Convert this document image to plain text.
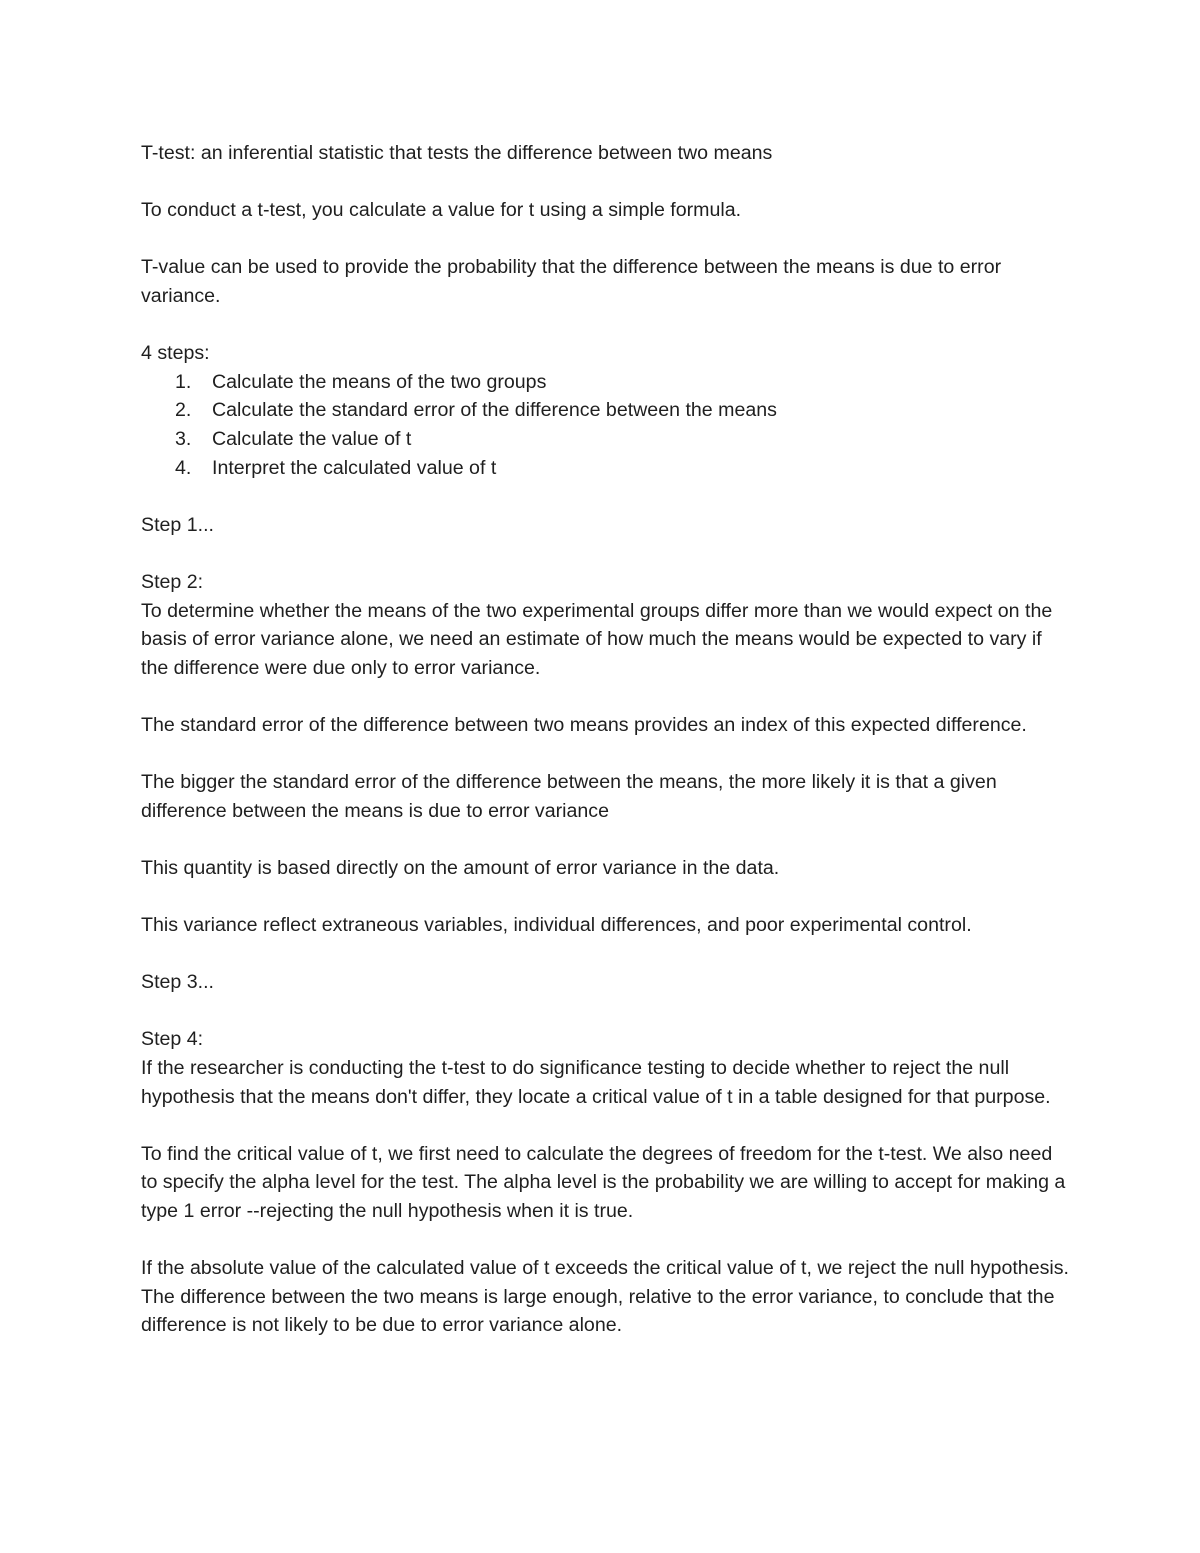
T-test: an inferential statistic that tests the difference between two means

To conduct a t-test, you calculate a value for t using a simple formula.

T-value can be used to provide the probability that the difference between the means is due to error variance.

4 steps:

1.	Calculate the means of the two groups
2.	Calculate the standard error of the difference between the means
3.	Calculate the value of t
4.	Interpret the calculated value of t

Step 1...

Step 2:

To determine whether the means of the two experimental groups differ more than we would expect on the basis of error variance alone, we need an estimate of how much the means would be expected to vary if the difference were due only to error variance.

The standard error of the difference between two means provides an index of this expected difference.

The bigger the standard error of the difference between the means, the more likely it is that a given difference between the means is due to error variance

This quantity is based directly on the amount of error variance in the data.

This variance reflect extraneous variables, individual differences, and poor experimental control.

Step 3...

Step 4:

If the researcher is conducting the t-test to do significance testing to decide whether to reject the null hypothesis that the means don't differ, they locate a critical value of t in a table designed for that purpose.

To find the critical value of t, we first need to calculate the degrees of freedom for the t-test. We also need to specify the alpha level for the test. The alpha level is the probability we are willing to accept for making a type 1 error --rejecting the null hypothesis when it is true.

If the absolute value of the calculated value of t exceeds the critical value of t, we reject the null hypothesis. The difference between the two means is large enough, relative to the error variance, to conclude that the difference is not likely to be due to error variance alone.
